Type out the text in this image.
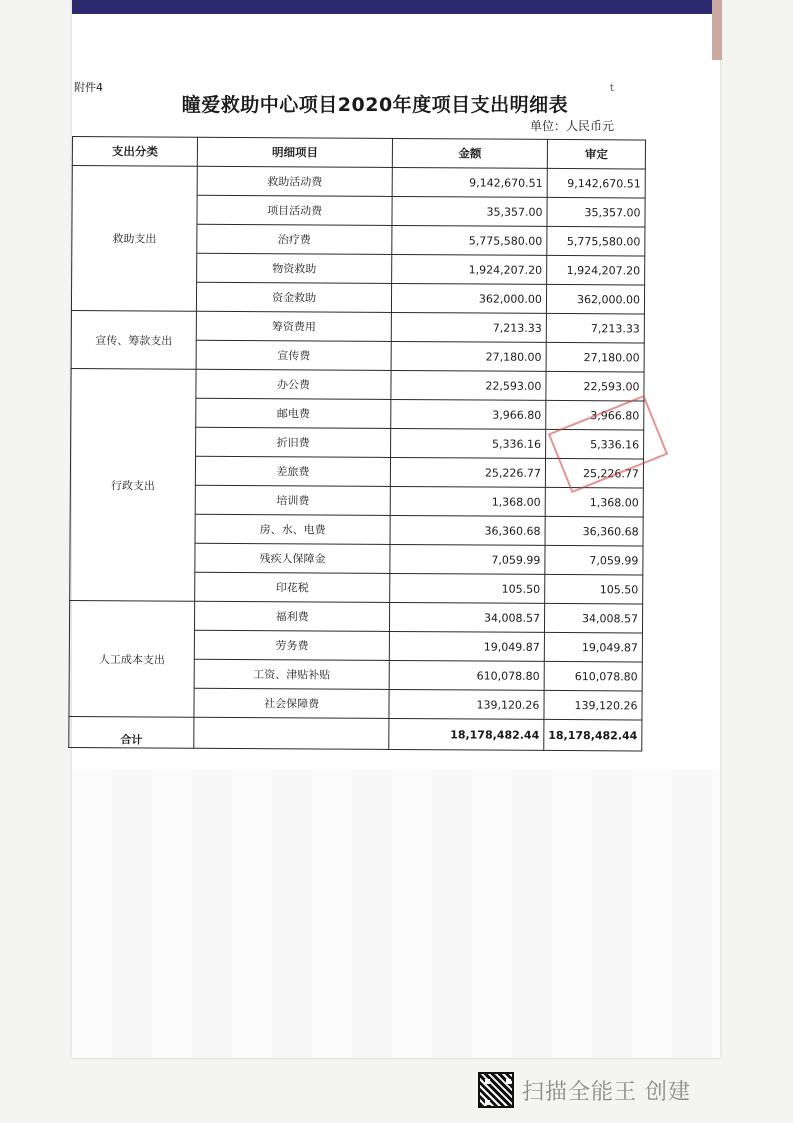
附件4	t
瞳爱救助中心项目2020年度项目支出明细表
单位：人民币元
支出分类	明细项目	金额	审定
救助支出	救助活动费	9,142,670.51	9,142,670.51
	项目活动费	35,357.00	35,357.00
	治疗费	5,775,580.00	5,775,580.00
	物资救助	1,924,207.20	1,924,207.20
	资金救助	362,000.00	362,000.00
宣传、筹款支出	筹资费用	7,213.33	7,213.33
	宣传费	27,180.00	27,180.00
行政支出	办公费	22,593.00	22,593.00
	邮电费	3,966.80	3,966.80
	折旧费	5,336.16	5,336.16
	差旅费	25,226.77	25,226.77
	培训费	1,368.00	1,368.00
	房、水、电费	36,360.68	36,360.68
	残疾人保障金	7,059.99	7,059.99
	印花税	105.50	105.50
人工成本支出	福利费	34,008.57	34,008.57
	劳务费	19,049.87	19,049.87
	工资、津贴补贴	610,078.80	610,078.80
	社会保障费	139,120.26	139,120.26
合计		18,178,482.44	18,178,482.44
扫描全能王 创建
